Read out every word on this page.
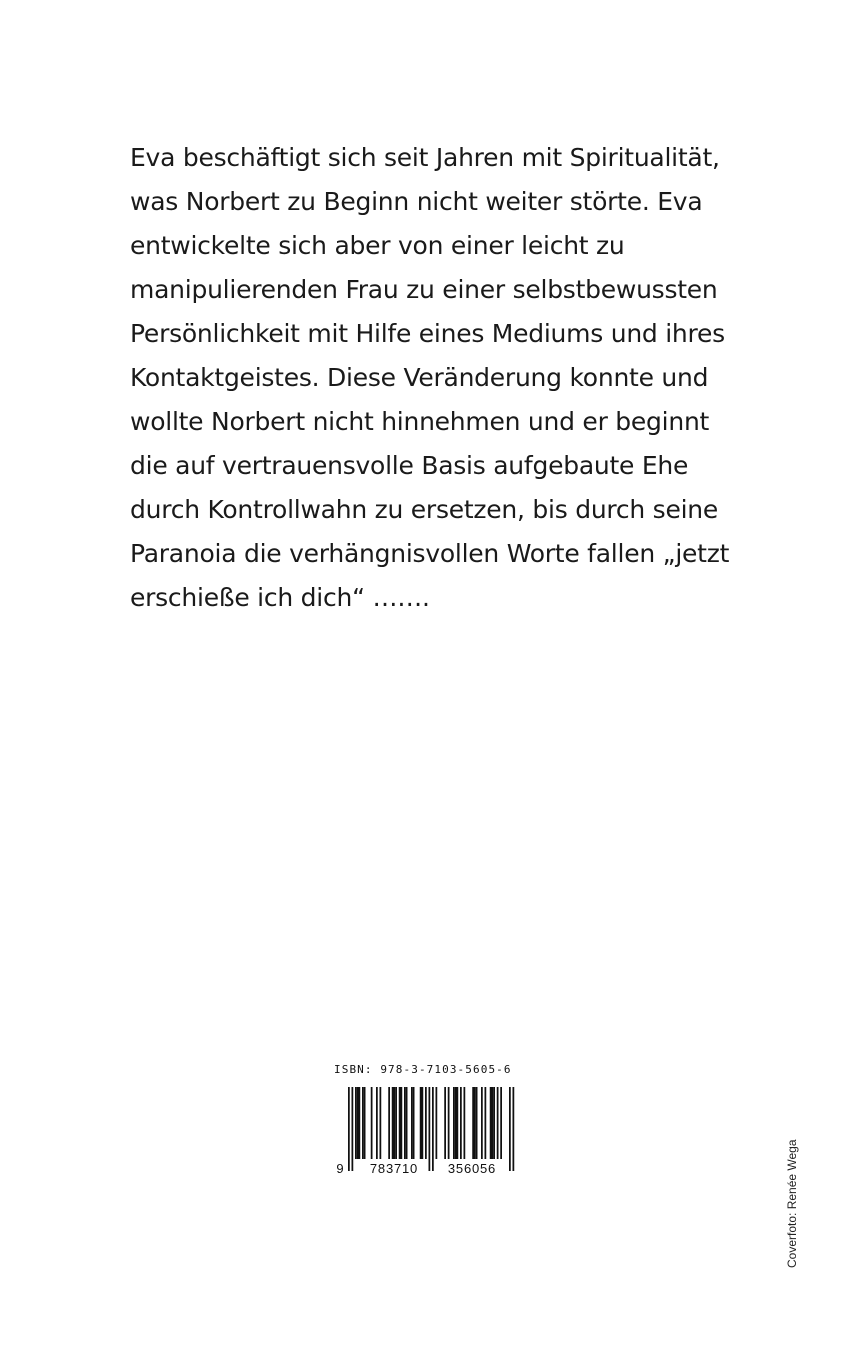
Eva beschäftigt sich seit Jahren mit Spiritualität,
was Norbert zu Beginn nicht weiter störte. Eva
entwickelte sich aber von einer leicht zu
manipulierenden Frau zu einer selbstbewussten
Persönlichkeit mit Hilfe eines Mediums und ihres
Kontaktgeistes. Diese Veränderung konnte und
wollte Norbert nicht hinnehmen und er beginnt
die auf vertrauensvolle Basis aufgebaute Ehe
durch Kontrollwahn zu ersetzen, bis durch seine
Paranoia die verhängnisvollen Worte fallen „jetzt
erschieße ich dich“ …….
ISBN: 978-3-7103-5605-6
9 783710 356056	Coverfoto: Renée Wega
